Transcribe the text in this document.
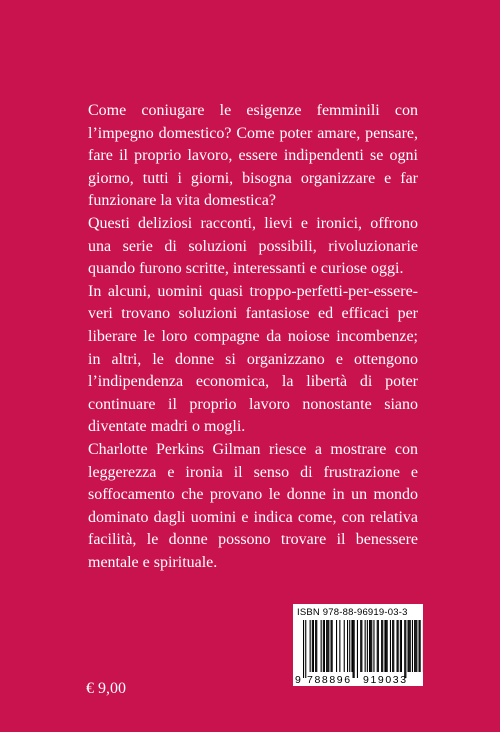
Come coniugare le esigenze femminili con l’impegno domestico? Come poter amare, pensare, fare il proprio lavoro, essere indipendenti se ogni giorno, tutti i giorni, bisogna organizzare e far funzionare la vita domestica?

Questi deliziosi racconti, lievi e ironici, offrono una serie di soluzioni possibili, rivoluzionarie quando furono scritte, interessanti e curiose oggi.

In alcuni, uomini quasi troppo-perfetti-per-essere-veri trovano soluzioni fantasiose ed efficaci per liberare le loro compagne da noiose incombenze; in altri, le donne si organizzano e ottengono l’indipendenza economica, la libertà di poter continuare il proprio lavoro nonostante siano diventate madri o mogli.

Charlotte Perkins Gilman riesce a mostrare con leggerezza e ironia il senso di frustrazione e soffocamento che provano le donne in un mondo dominato dagli uomini e indica come, con relativa facilità, le donne possono trovare il benessere mentale e spirituale.

€ 9,00
ISBN 978-88-96919-03-3
9 788896 919033
